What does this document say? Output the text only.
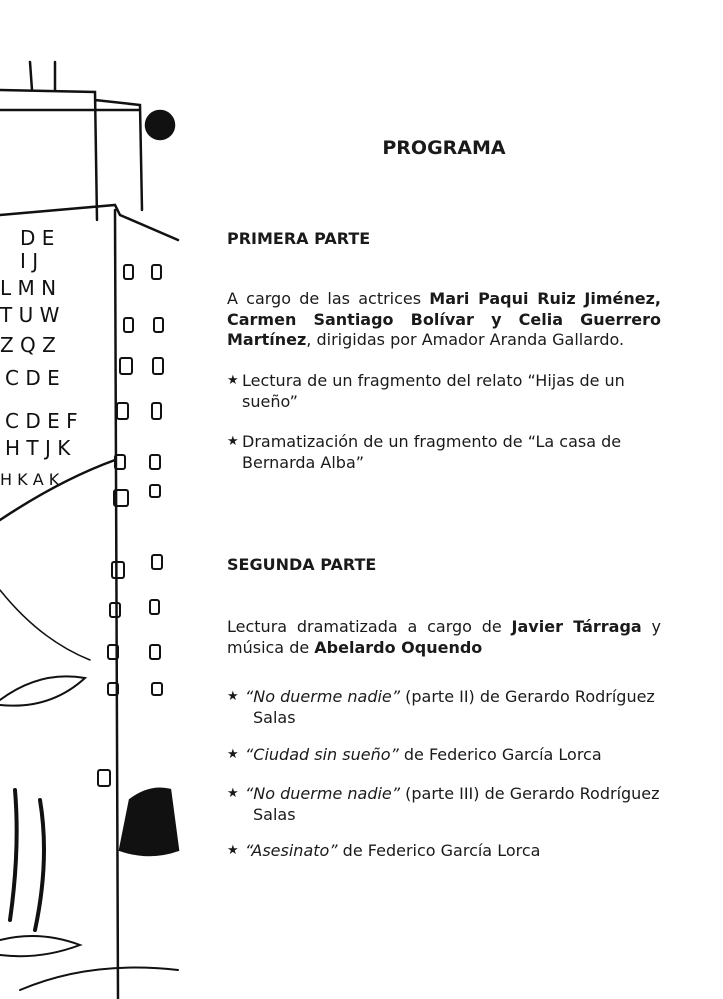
D E
I J
L M N
T U W
Z Q Z
C D E
C D E F
H T J K
H K A K
PROGRAMA
PRIMERA PARTE
A cargo de las actrices Mari Paqui Ruiz Jiménez, Carmen Santiago Bolívar y Celia Guerrero Martínez, dirigidas por Amador Aranda Gallardo.
★ Lectura de un fragmento del relato “Hijas de un sueño”
★ Dramatización de un fragmento de “La casa de Bernarda Alba”
SEGUNDA PARTE
Lectura dramatizada a cargo de Javier Tárraga y música de Abelardo Oquendo
★ “No duerme nadie” (parte II) de Gerardo Rodríguez
Salas
★ “Ciudad sin sueño” de Federico García Lorca
★ “No duerme nadie” (parte III) de Gerardo Rodríguez
Salas
★ “Asesinato” de Federico García Lorca
